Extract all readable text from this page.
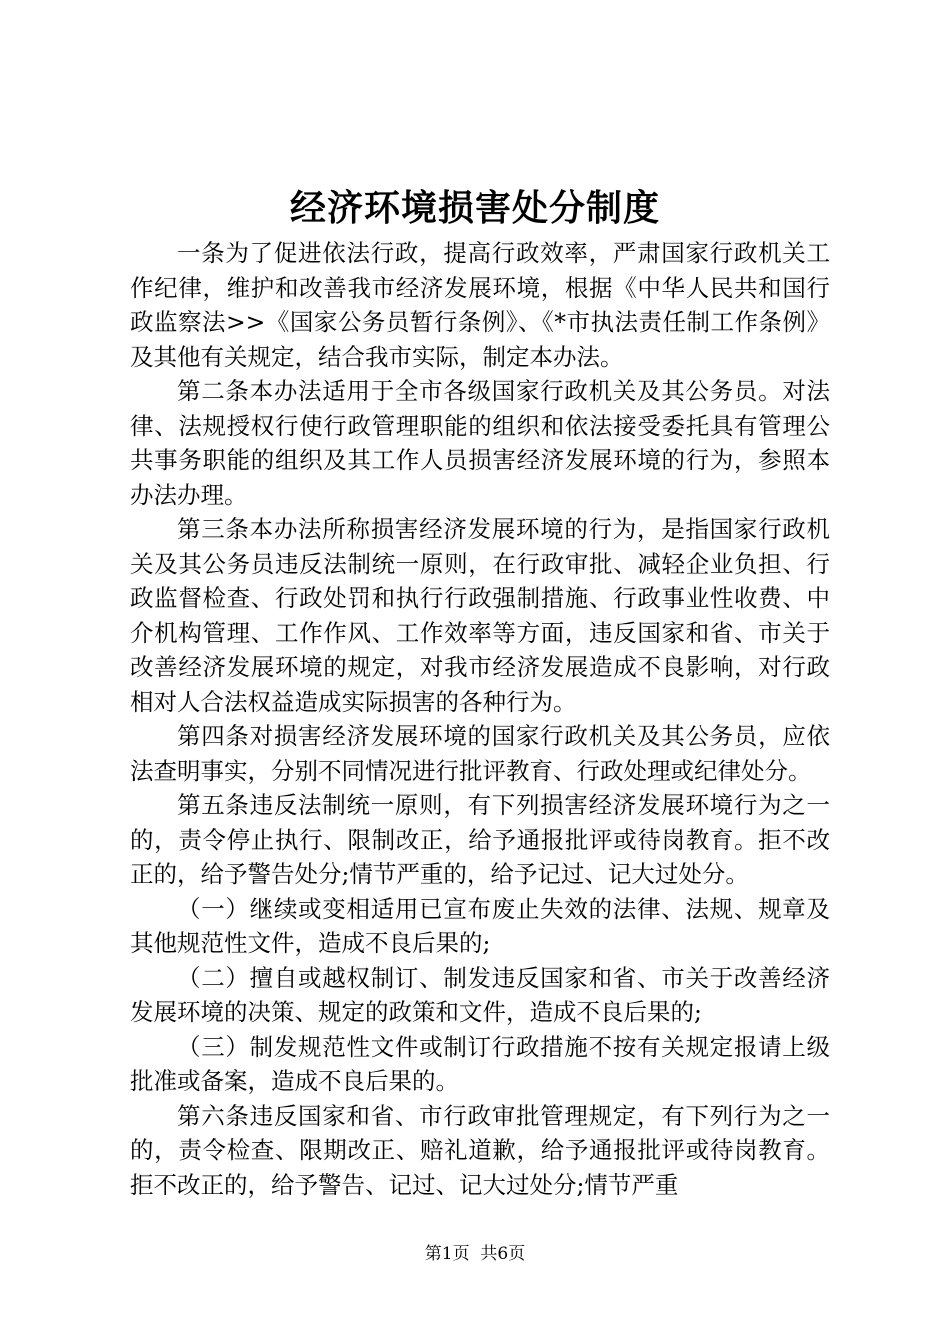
经济环境损害处分制度

一条为了促进依法行政，提高行政效率，严肃国家行政机关工作纪律，维护和改善我市经济发展环境，根据《中华人民共和国行政监察法>>《国家公务员暂行条例》、《*市执法责任制工作条例》及其他有关规定，结合我市实际，制定本办法。

第二条本办法适用于全市各级国家行政机关及其公务员。对法律、法规授权行使行政管理职能的组织和依法接受委托具有管理公共事务职能的组织及其工作人员损害经济发展环境的行为，参照本办法办理。

第三条本办法所称损害经济发展环境的行为，是指国家行政机关及其公务员违反法制统一原则，在行政审批、减轻企业负担、行政监督检查、行政处罚和执行行政强制措施、行政事业性收费、中介机构管理、工作作风、工作效率等方面，违反国家和省、市关于改善经济发展环境的规定，对我市经济发展造成不良影响，对行政相对人合法权益造成实际损害的各种行为。

第四条对损害经济发展环境的国家行政机关及其公务员，应依法查明事实，分别不同情况进行批评教育、行政处理或纪律处分。

第五条违反法制统一原则，有下列损害经济发展环境行为之一的，责令停止执行、限制改正，给予通报批评或待岗教育。拒不改正的，给予警告处分;情节严重的，给予记过、记大过处分。

（一）继续或变相适用已宣布废止失效的法律、法规、规章及其他规范性文件，造成不良后果的;

（二）擅自或越权制订、制发违反国家和省、市关于改善经济发展环境的决策、规定的政策和文件，造成不良后果的;

（三）制发规范性文件或制订行政措施不按有关规定报请上级批准或备案，造成不良后果的。

第六条违反国家和省、市行政审批管理规定，有下列行为之一的，责令检查、限期改正、赔礼道歉，给予通报批评或待岗教育。拒不改正的，给予警告、记过、记大过处分;情节严重

第1页  共6页
